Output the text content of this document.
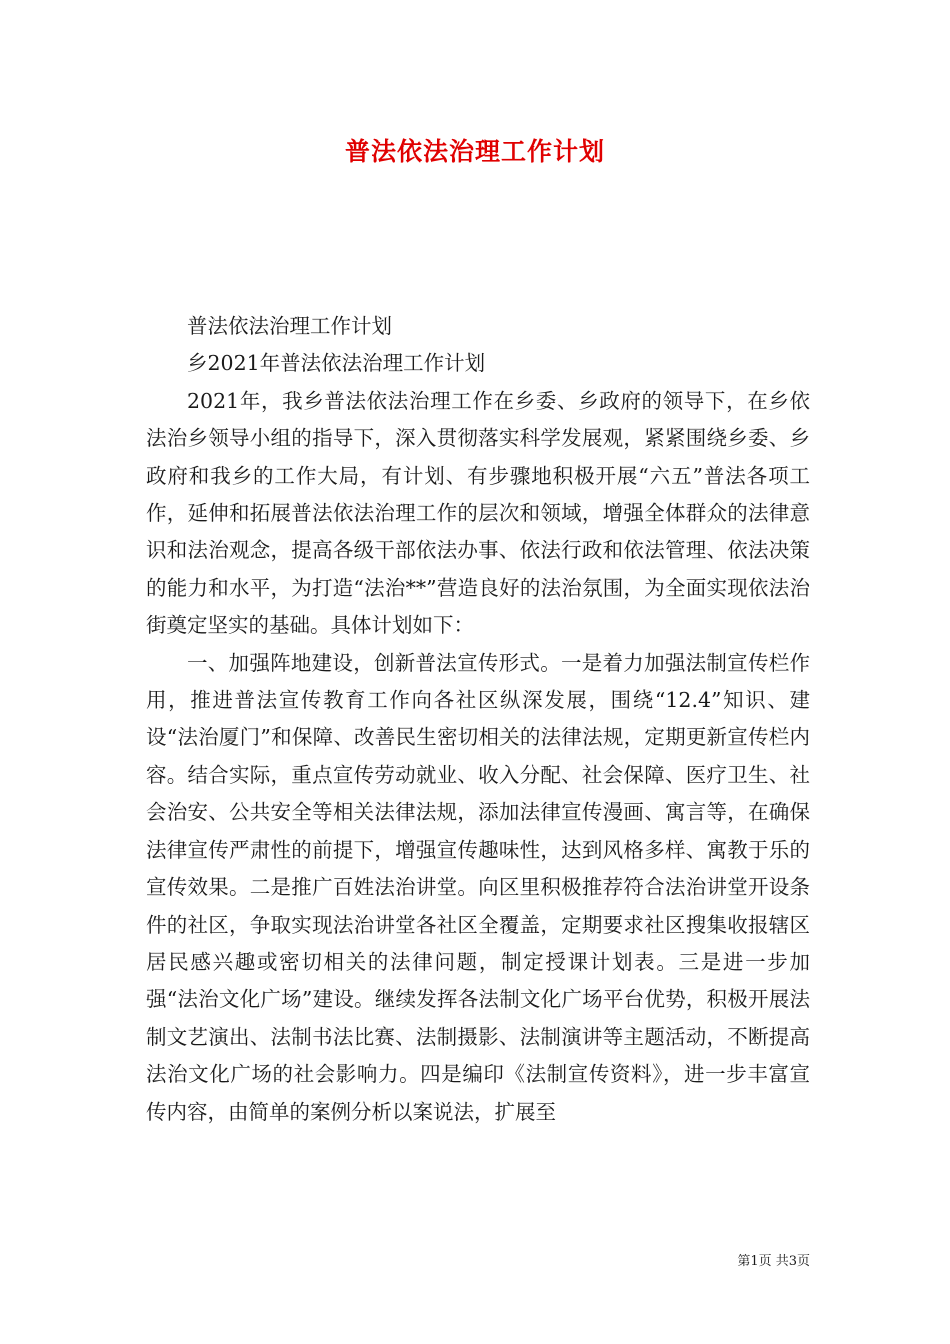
普法依法治理工作计划

普法依法治理工作计划

乡2021年普法依法治理工作计划

2021年，我乡普法依法治理工作在乡委、乡政府的领导下，在乡依法治乡领导小组的指导下，深入贯彻落实科学发展观，紧紧围绕乡委、乡政府和我乡的工作大局，有计划、有步骤地积极开展“六五”普法各项工作，延伸和拓展普法依法治理工作的层次和领域，增强全体群众的法律意识和法治观念，提高各级干部依法办事、依法行政和依法管理、依法决策的能力和水平，为打造“法治**”营造良好的法治氛围，为全面实现依法治街奠定坚实的基础。具体计划如下：

一、加强阵地建设，创新普法宣传形式。一是着力加强法制宣传栏作用，推进普法宣传教育工作向各社区纵深发展，围绕“12.4”知识、建设“法治厦门”和保障、改善民生密切相关的法律法规，定期更新宣传栏内容。结合实际，重点宣传劳动就业、收入分配、社会保障、医疗卫生、社会治安、公共安全等相关法律法规，添加法律宣传漫画、寓言等，在确保法律宣传严肃性的前提下，增强宣传趣味性，达到风格多样、寓教于乐的宣传效果。二是推广百姓法治讲堂。向区里积极推荐符合法治讲堂开设条件的社区，争取实现法治讲堂各社区全覆盖，定期要求社区搜集收报辖区居民感兴趣或密切相关的法律问题，制定授课计划表。三是进一步加强“法治文化广场”建设。继续发挥各法制文化广场平台优势，积极开展法制文艺演出、法制书法比赛、法制摄影、法制演讲等主题活动，不断提高法治文化广场的社会影响力。四是编印《法制宣传资料》，进一步丰富宣传内容，由简单的案例分析以案说法，扩展至

第1页 共3页
